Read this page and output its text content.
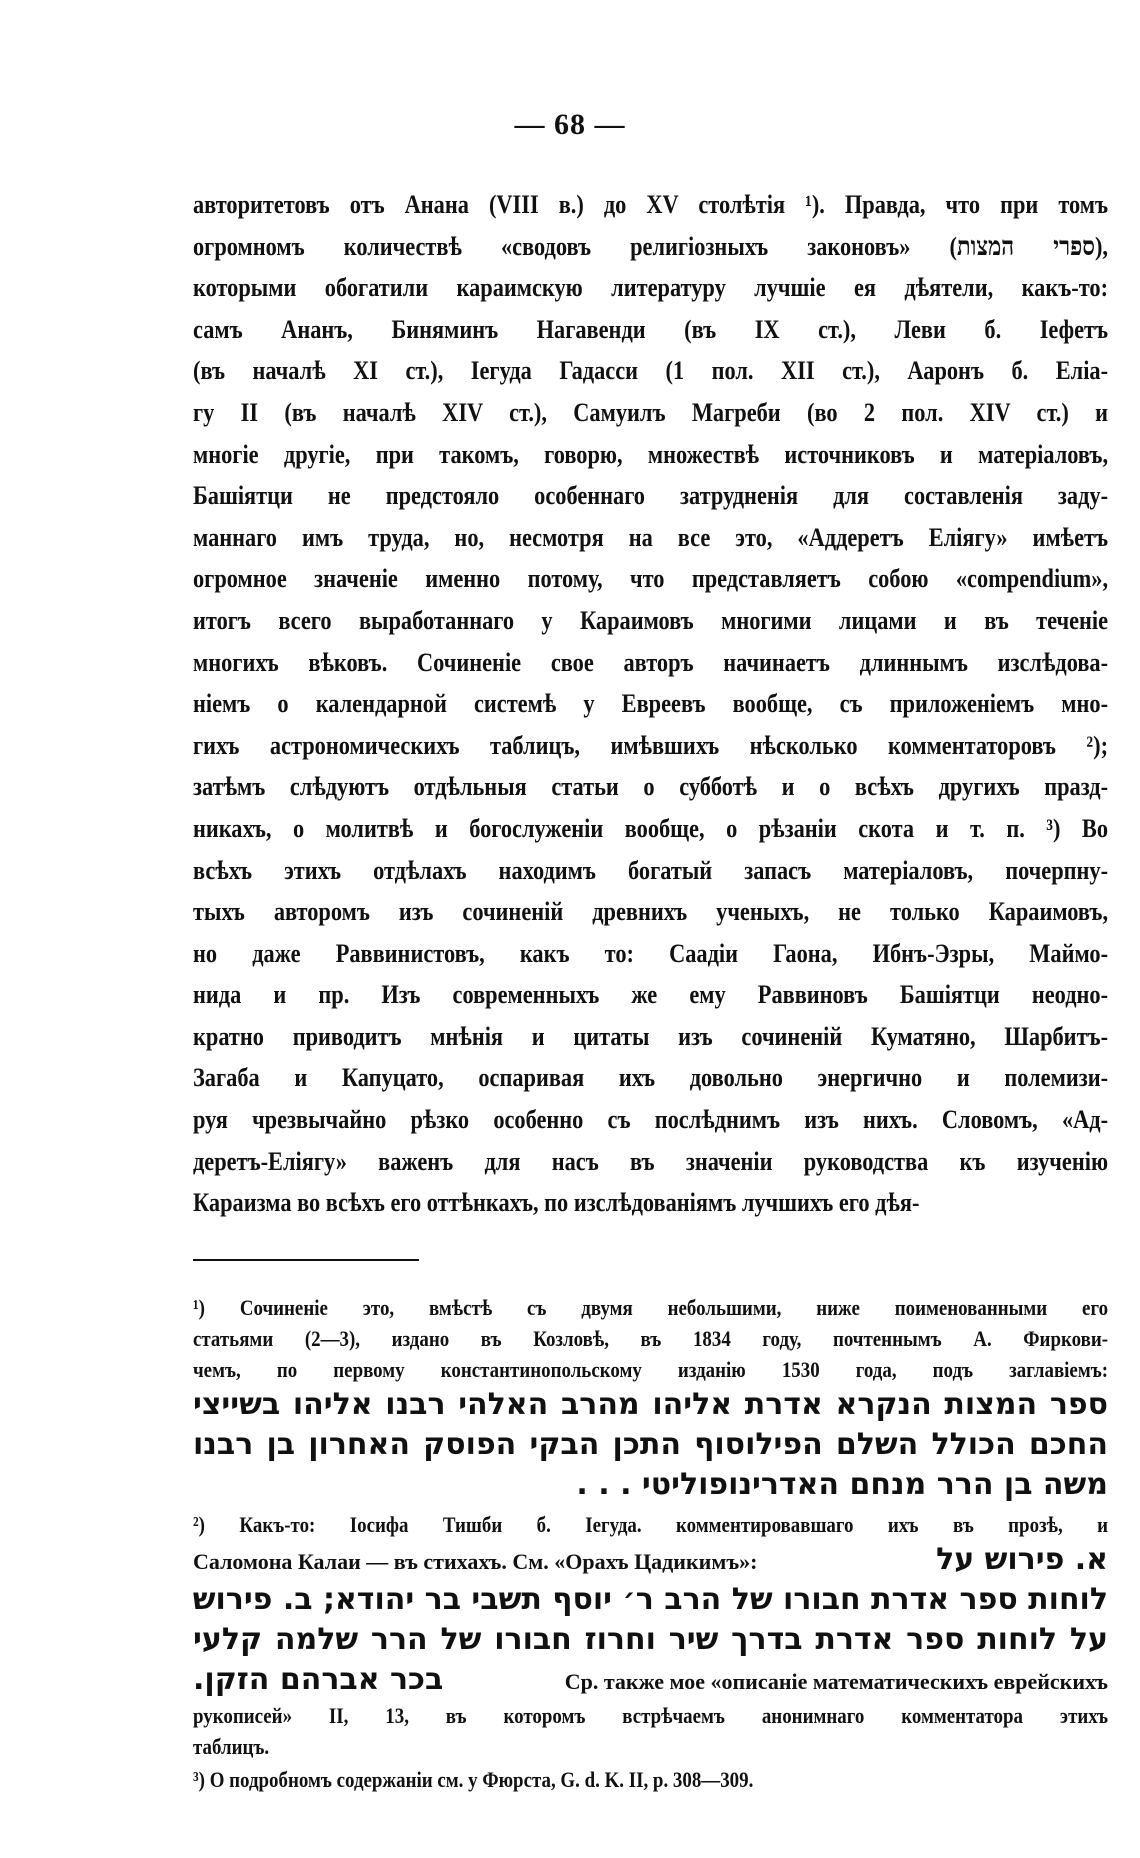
— 68 —
авторитетовъ отъ Анана (VIII в.) до XV столѣтія ¹). Правда, что при томъ
огромномъ количествѣ «сводовъ религіозныхъ законовъ» (ספרי המצות),
которыми обогатили караимскую литературу лучшіе ея дѣятели, какъ-то:
самъ Ананъ, Биняминъ Нагавенди (въ IX ст.), Леви б. Іефетъ
(въ началѣ XI ст.), Іегуда Гадасси (1 пол. XII ст.), Ааронъ б. Еліа-
гу II (въ началѣ XIV ст.), Самуилъ Магреби (во 2 пол. XIV ст.) и
многіе другіе, при такомъ, говорю, множествѣ источниковъ и матеріаловъ,
Башіятци не предстояло особеннаго затрудненія для составленія заду-
маннаго имъ труда, но, несмотря на все это, «Аддеретъ Еліягу» имѣетъ
огромное значеніе именно потому, что представляетъ собою «compendium»,
итогъ всего выработаннаго у Караимовъ многими лицами и въ теченіе
многихъ вѣковъ. Сочиненіе свое авторъ начинаетъ длиннымъ изслѣдова-
ніемъ о календарной системѣ у Евреевъ вообще, съ приложеніемъ мно-
гихъ астрономическихъ таблицъ, имѣвшихъ нѣсколько комментаторовъ ²);
затѣмъ слѣдуютъ отдѣльныя статьи о субботѣ и о всѣхъ другихъ празд-
никахъ, о молитвѣ и богослуженіи вообще, о рѣзаніи скота и т. п. ³) Во
всѣхъ этихъ отдѣлахъ находимъ богатый запасъ матеріаловъ, почерпну-
тыхъ авторомъ изъ сочиненій древнихъ ученыхъ, не только Караимовъ,
но даже Раввинистовъ, какъ то: Саадіи Гаона, Ибнъ-Эзры, Маймо-
нида и пр. Изъ современныхъ же ему Раввиновъ Башіятци неодно-
кратно приводитъ мнѣнія и цитаты изъ сочиненій Куматяно, Шарбитъ-
Загаба и Капуцато, оспаривая ихъ довольно энергично и полемизи-
руя чрезвычайно рѣзко особенно съ послѣднимъ изъ нихъ. Словомъ, «Ад-
деретъ-Еліягу» важенъ для насъ въ значеніи руководства къ изученію
Караизма во всѣхъ его оттѣнкахъ, по изслѣдованіямъ лучшихъ его дѣя-
¹) Сочиненіе это, вмѣстѣ съ двумя небольшими, ниже поименованными его
статьями (2—3), издано въ Козловѣ, въ 1834 году, почтеннымъ А. Фиркови-
чемъ, по первому константинопольскому изданію 1530 года, подъ заглавіемъ:
ספר המצות הנקרא אדרת אליהו מהרב האלהי רבנו אליהו בשייצי
החכם הכולל השלם הפילוסוף התכן הבקי הפוסק האחרון בן רבנו
משה בן הרר מנחם האדרינופוליטי . . .
²) Какъ-то: Іосифа Тишби б. Іегуда. комментировавшаго ихъ въ прозѣ, и
Саломона Калаи — въ стихахъ. См. «Орахъ Цадикимъ»:	א. פירוש על
לוחות ספר אדרת חבורו של הרב ר׳ יוסף תשבי בר יהודא; ב. פירוש
על לוחות ספר אדרת בדרך שיר וחרוז חבורו של הרר שלמה קלעי
בכר אברהם הזקן.	Ср. также мое «описаніе математическихъ еврейскихъ
рукописей» II, 13, въ которомъ встрѣчаемъ анонимнаго комментатора этихъ
таблицъ.
³) О подробномъ содержаніи см. у Фюрста, G. d. K. II, p. 308—309.
